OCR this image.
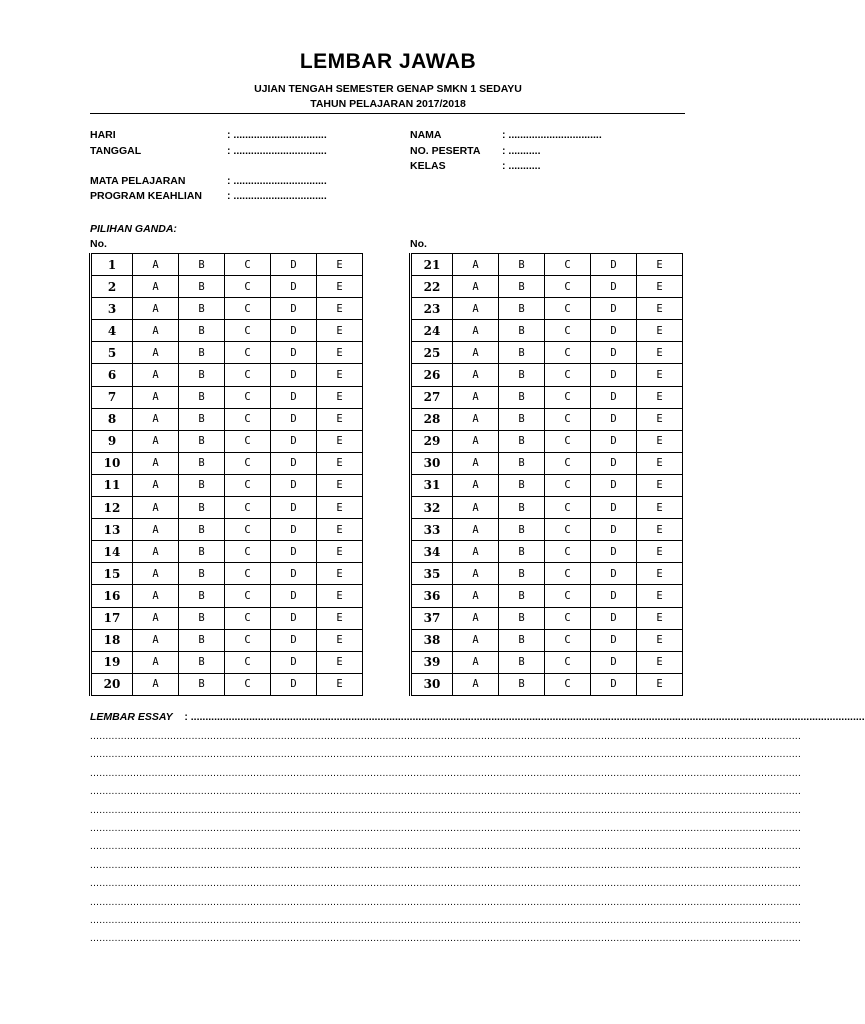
LEMBAR JAWAB
UJIAN TENGAH SEMESTER GENAP SMKN 1 SEDAYU
TAHUN PELAJARAN 2017/2018
HARI	: ................................
TANGGAL	: ................................
MATA PELAJARAN	: ................................
PROGRAM KEAHLIAN : ................................
NAMA	: ................................
NO. PESERTA : ...........
KELAS	: ...........
PILIHAN GANDA:
No.	No.
1	A	B	C	D	E
2	A	B	C	D	E
3	A	B	C	D	E
4	A	B	C	D	E
5	A	B	C	D	E
6	A	B	C	D	E
7	A	B	C	D	E
8	A	B	C	D	E
9	A	B	C	D	E
10	A	B	C	D	E
11	A	B	C	D	E
12	A	B	C	D	E
13	A	B	C	D	E
14	A	B	C	D	E
15	A	B	C	D	E
16	A	B	C	D	E
17	A	B	C	D	E
18	A	B	C	D	E
19	A	B	C	D	E
20	A	B	C	D	E
21	A	B	C	D	E
22	A	B	C	D	E
23	A	B	C	D	E
24	A	B	C	D	E
25	A	B	C	D	E
26	A	B	C	D	E
27	A	B	C	D	E
28	A	B	C	D	E
29	A	B	C	D	E
30	A	B	C	D	E
31	A	B	C	D	E
32	A	B	C	D	E
33	A	B	C	D	E
34	A	B	C	D	E
35	A	B	C	D	E
36	A	B	C	D	E
37	A	B	C	D	E
38	A	B	C	D	E
39	A	B	C	D	E
30	A	B	C	D	E
LEMBAR ESSAY : .......................................................................................................................................................................................................................................
.......................................................................................................................................................................................................................................
.......................................................................................................................................................................................................................................
.......................................................................................................................................................................................................................................
.......................................................................................................................................................................................................................................
.......................................................................................................................................................................................................................................
.......................................................................................................................................................................................................................................
.......................................................................................................................................................................................................................................
.......................................................................................................................................................................................................................................
.......................................................................................................................................................................................................................................
.......................................................................................................................................................................................................................................
.......................................................................................................................................................................................................................................
.......................................................................................................................................................................................................................................
